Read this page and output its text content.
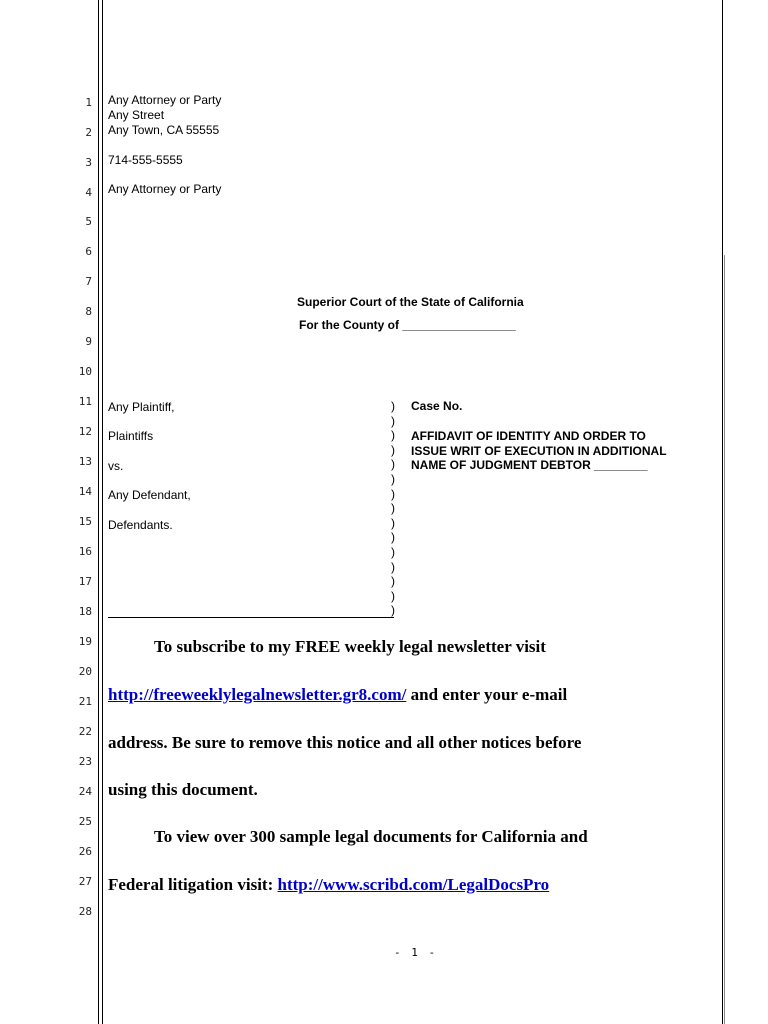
1
2
3
4
5
6
7
8
9
10
11
12
13
14
15
16
17
18
19
20
21
22
23
24
25
26
27
28
Any Attorney or Party
Any Street
Any Town, CA 55555
714-555-5555
Any Attorney or Party
Superior Court of the State of California
For the County of _________________
Any Plaintiff,
Plaintiffs
vs.
Any Defendant,
Defendants.
)
)
)
)
)
)
)
)
)
)
)
)
)
)
)
Case No.
AFFIDAVIT OF IDENTITY AND ORDER TO
ISSUE WRIT OF EXECUTION IN ADDITIONAL
NAME OF JUDGMENT DEBTOR ________
To subscribe to my FREE weekly legal newsletter visit
http://freeweeklylegalnewsletter.gr8.com/ and enter your e-mail
address. Be sure to remove this notice and all other notices before
using this document.
To view over 300 sample legal documents for California and
Federal litigation visit: http://www.scribd.com/LegalDocsPro
- 1 -
